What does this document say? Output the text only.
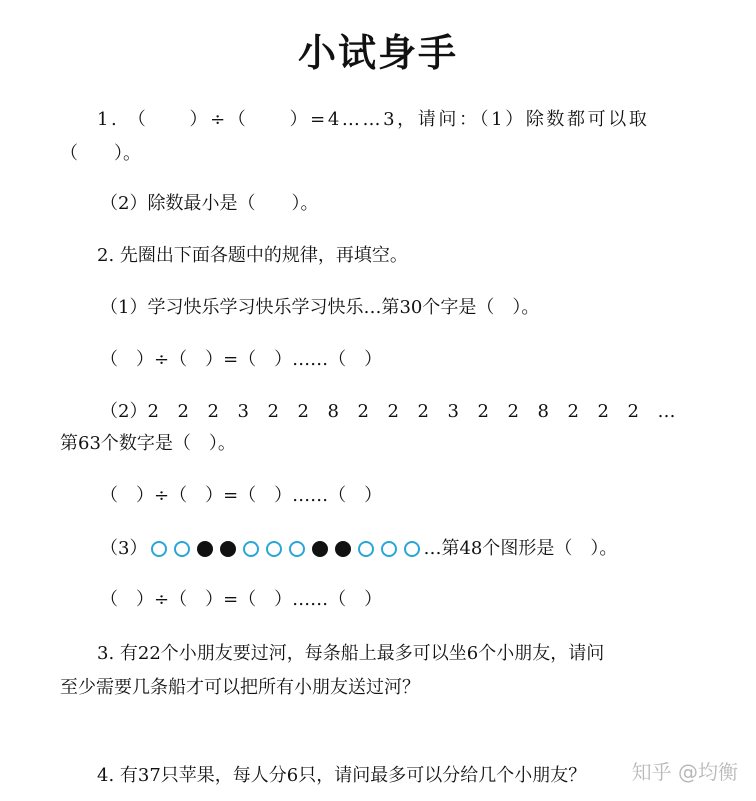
小试身手
1. （　　）÷（　　）=4……3，请问：（1）除数都可以取
（　　）。
（2）除数最小是（　　）。
2. 先圈出下面各题中的规律，再填空。
（1）学习快乐学习快乐学习快乐…第30个字是（　）。
（　）÷（　）=（　）……（　）
（2）2 2 2 3 2 2 8 2 2 2 3 2 2 8 2 2 2 …
第63个数字是（　）。
（　）÷（　）=（　）……（　）
（3）	…第48个图形是（　）。
（　）÷（　）=（　）……（　）
3. 有22个小朋友要过河，每条船上最多可以坐6个小朋友，请问
至少需要几条船才可以把所有小朋友送过河？
4. 有37只苹果，每人分6只，请问最多可以分给几个小朋友？ 知乎 @均衡
